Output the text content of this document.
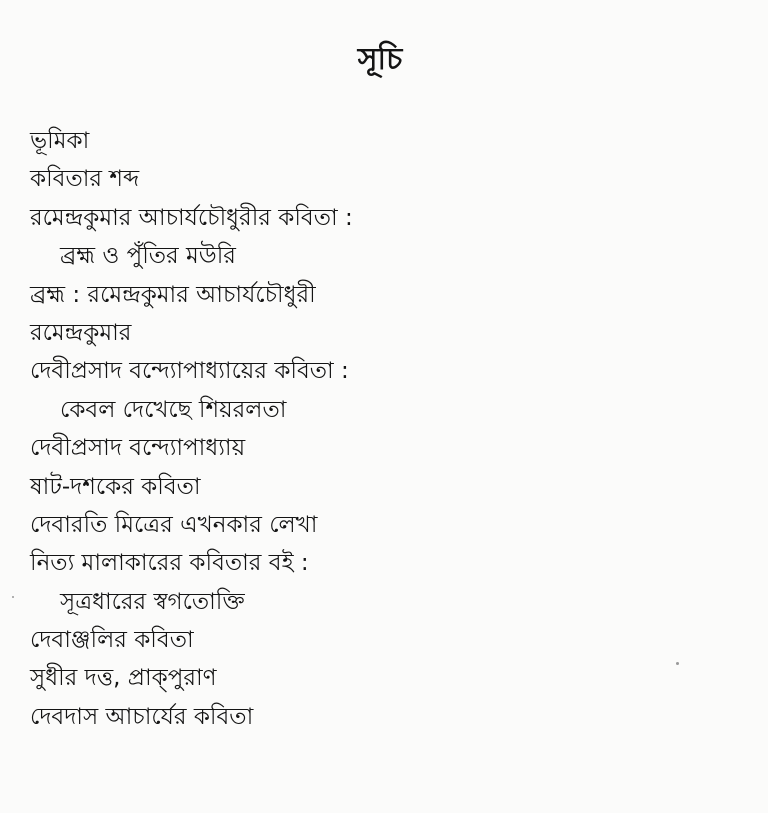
সূচি
ভূমিকা
কবিতার শব্দ
রমেন্দ্রকুমার আচার্যচৌধুরীর কবিতা :
ব্রহ্ম ও পুঁতির মউরি
ব্রহ্ম : রমেন্দ্রকুমার আচার্যচৌধুরী
রমেন্দ্রকুমার
দেবীপ্রসাদ বন্দ্যোপাধ্যায়ের কবিতা :
কেবল দেখেছে শিয়রলতা
দেবীপ্রসাদ বন্দ্যোপাধ্যায়
ষাট-দশকের কবিতা
দেবারতি মিত্রের এখনকার লেখা
নিত্য মালাকারের কবিতার বই :
সূত্রধারের স্বগতোক্তি
দেবাঞ্জলির কবিতা
সুধীর দত্ত, প্রাক্পুরাণ
দেবদাস আচার্যের কবিতা
